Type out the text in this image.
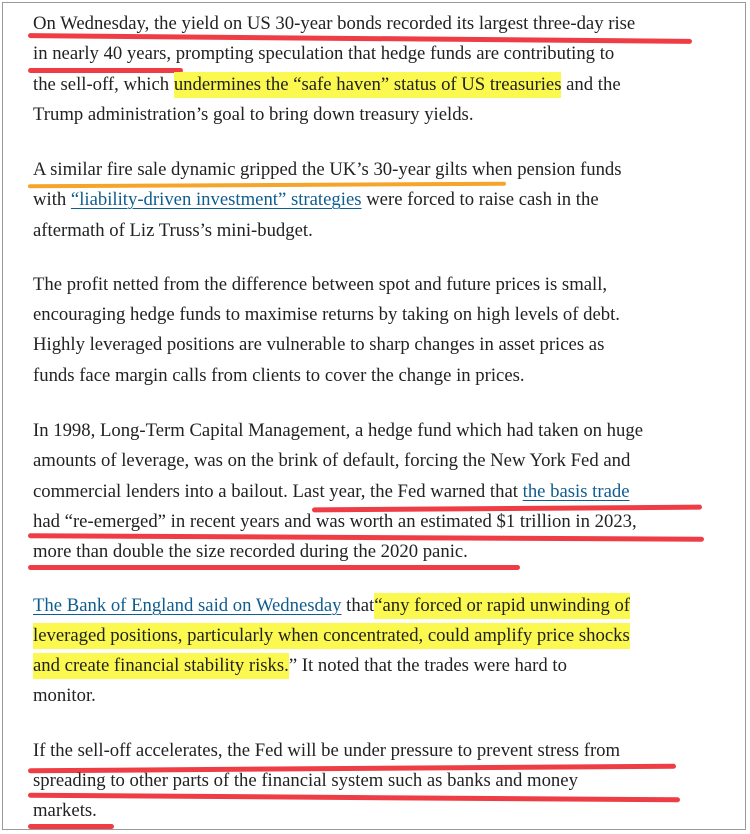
On Wednesday, the yield on US 30-year bonds recorded its largest three-day rise
in nearly 40 years, prompting speculation that hedge funds are contributing to
the sell-off, which undermines the “safe haven” status of US treasuries and the
Trump administration’s goal to bring down treasury yields.
A similar fire sale dynamic gripped the UK’s 30-year gilts when pension funds
with “liability-driven investment” strategies were forced to raise cash in the
aftermath of Liz Truss’s mini-budget.
The profit netted from the difference between spot and future prices is small,
encouraging hedge funds to maximise returns by taking on high levels of debt.
Highly leveraged positions are vulnerable to sharp changes in asset prices as
funds face margin calls from clients to cover the change in prices.
In 1998, Long-Term Capital Management, a hedge fund which had taken on huge
amounts of leverage, was on the brink of default, forcing the New York Fed and
commercial lenders into a bailout. Last year, the Fed warned that the basis trade
had “re-emerged” in recent years and was worth an estimated $1 trillion in 2023,
more than double the size recorded during the 2020 panic.
The Bank of England said on Wednesday that“any forced or rapid unwinding of
leveraged positions, particularly when concentrated, could amplify price shocks
and create financial stability risks.” It noted that the trades were hard to
monitor.
If the sell-off accelerates, the Fed will be under pressure to prevent stress from
spreading to other parts of the financial system such as banks and money
markets.
